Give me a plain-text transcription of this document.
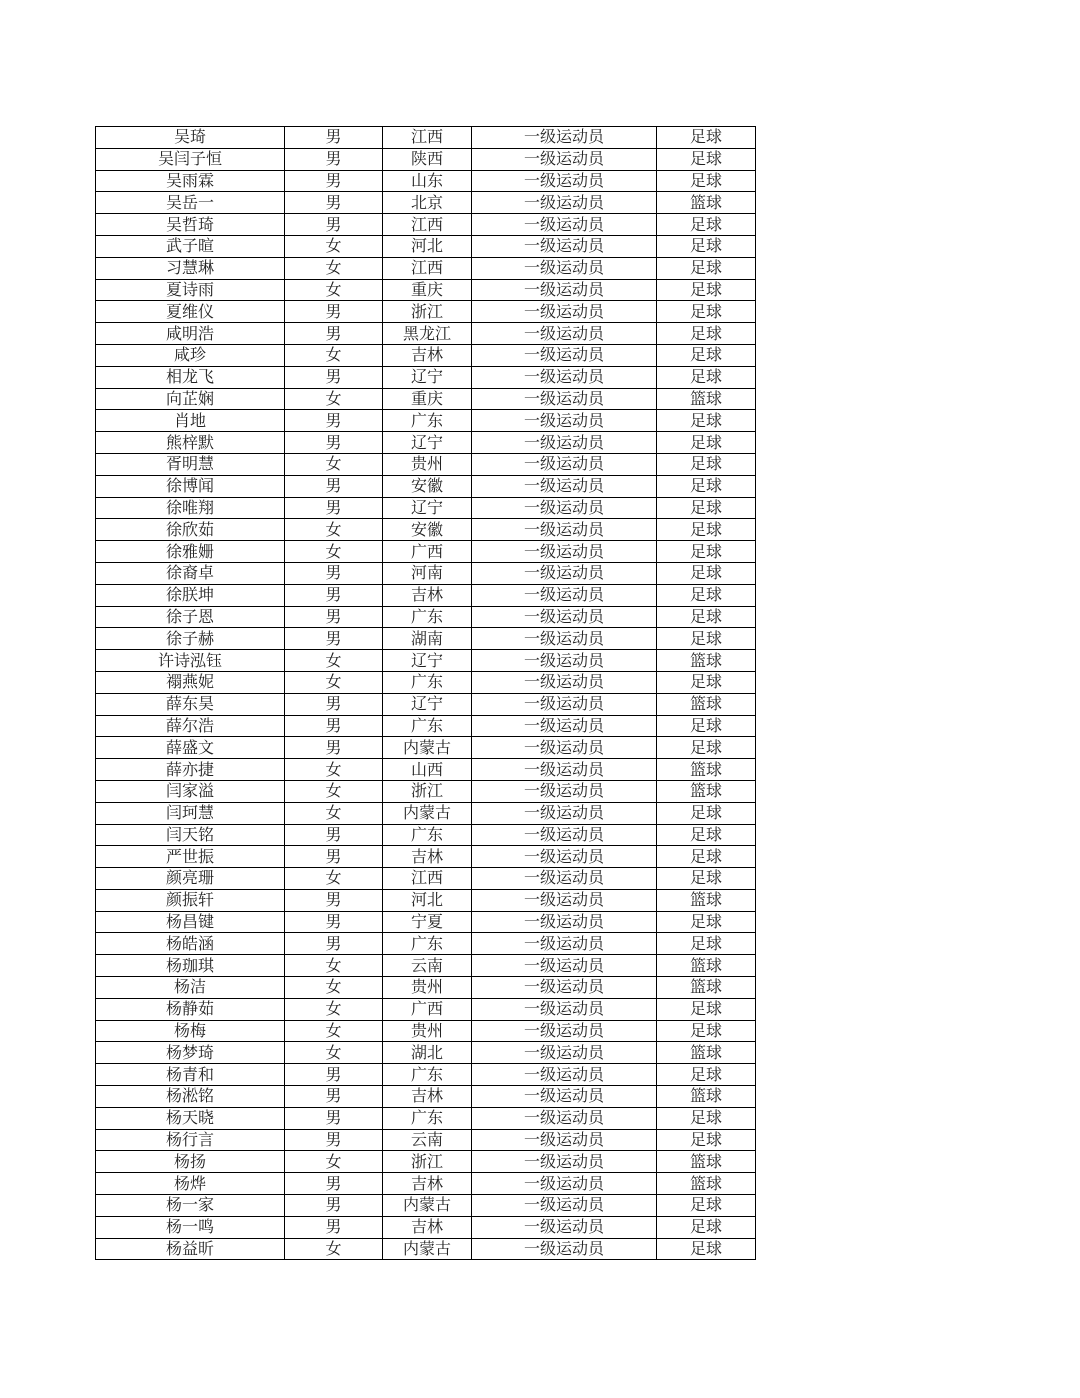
吴琦	男	江西	一级运动员	足球
吴闫子恒	男	陕西	一级运动员	足球
吴雨霖	男	山东	一级运动员	足球
吴岳一	男	北京	一级运动员	篮球
吴哲琦	男	江西	一级运动员	足球
武子暄	女	河北	一级运动员	足球
习慧琳	女	江西	一级运动员	足球
夏诗雨	女	重庆	一级运动员	足球
夏维仪	男	浙江	一级运动员	足球
咸明浩	男	黑龙江	一级运动员	足球
咸珍	女	吉林	一级运动员	足球
相龙飞	男	辽宁	一级运动员	足球
向芷娴	女	重庆	一级运动员	篮球
肖地	男	广东	一级运动员	足球
熊梓默	男	辽宁	一级运动员	足球
胥明慧	女	贵州	一级运动员	足球
徐博闻	男	安徽	一级运动员	足球
徐唯翔	男	辽宁	一级运动员	足球
徐欣茹	女	安徽	一级运动员	足球
徐雅姗	女	广西	一级运动员	足球
徐裔卓	男	河南	一级运动员	足球
徐朕坤	男	吉林	一级运动员	足球
徐子恩	男	广东	一级运动员	足球
徐子赫	男	湖南	一级运动员	足球
许诗泓钰	女	辽宁	一级运动员	篮球
禤燕妮	女	广东	一级运动员	足球
薛东昊	男	辽宁	一级运动员	篮球
薛尔浩	男	广东	一级运动员	足球
薛盛文	男	内蒙古	一级运动员	足球
薛亦捷	女	山西	一级运动员	篮球
闫家溢	女	浙江	一级运动员	篮球
闫珂慧	女	内蒙古	一级运动员	足球
闫天铭	男	广东	一级运动员	足球
严世振	男	吉林	一级运动员	足球
颜亮珊	女	江西	一级运动员	足球
颜振轩	男	河北	一级运动员	篮球
杨昌键	男	宁夏	一级运动员	足球
杨皓涵	男	广东	一级运动员	足球
杨珈琪	女	云南	一级运动员	篮球
杨洁	女	贵州	一级运动员	篮球
杨静茹	女	广西	一级运动员	足球
杨梅	女	贵州	一级运动员	足球
杨梦琦	女	湖北	一级运动员	篮球
杨青和	男	广东	一级运动员	足球
杨淞铭	男	吉林	一级运动员	篮球
杨天晓	男	广东	一级运动员	足球
杨行言	男	云南	一级运动员	足球
杨扬	女	浙江	一级运动员	篮球
杨烨	男	吉林	一级运动员	篮球
杨一家	男	内蒙古	一级运动员	足球
杨一鸣	男	吉林	一级运动员	足球
杨益昕	女	内蒙古	一级运动员	足球
